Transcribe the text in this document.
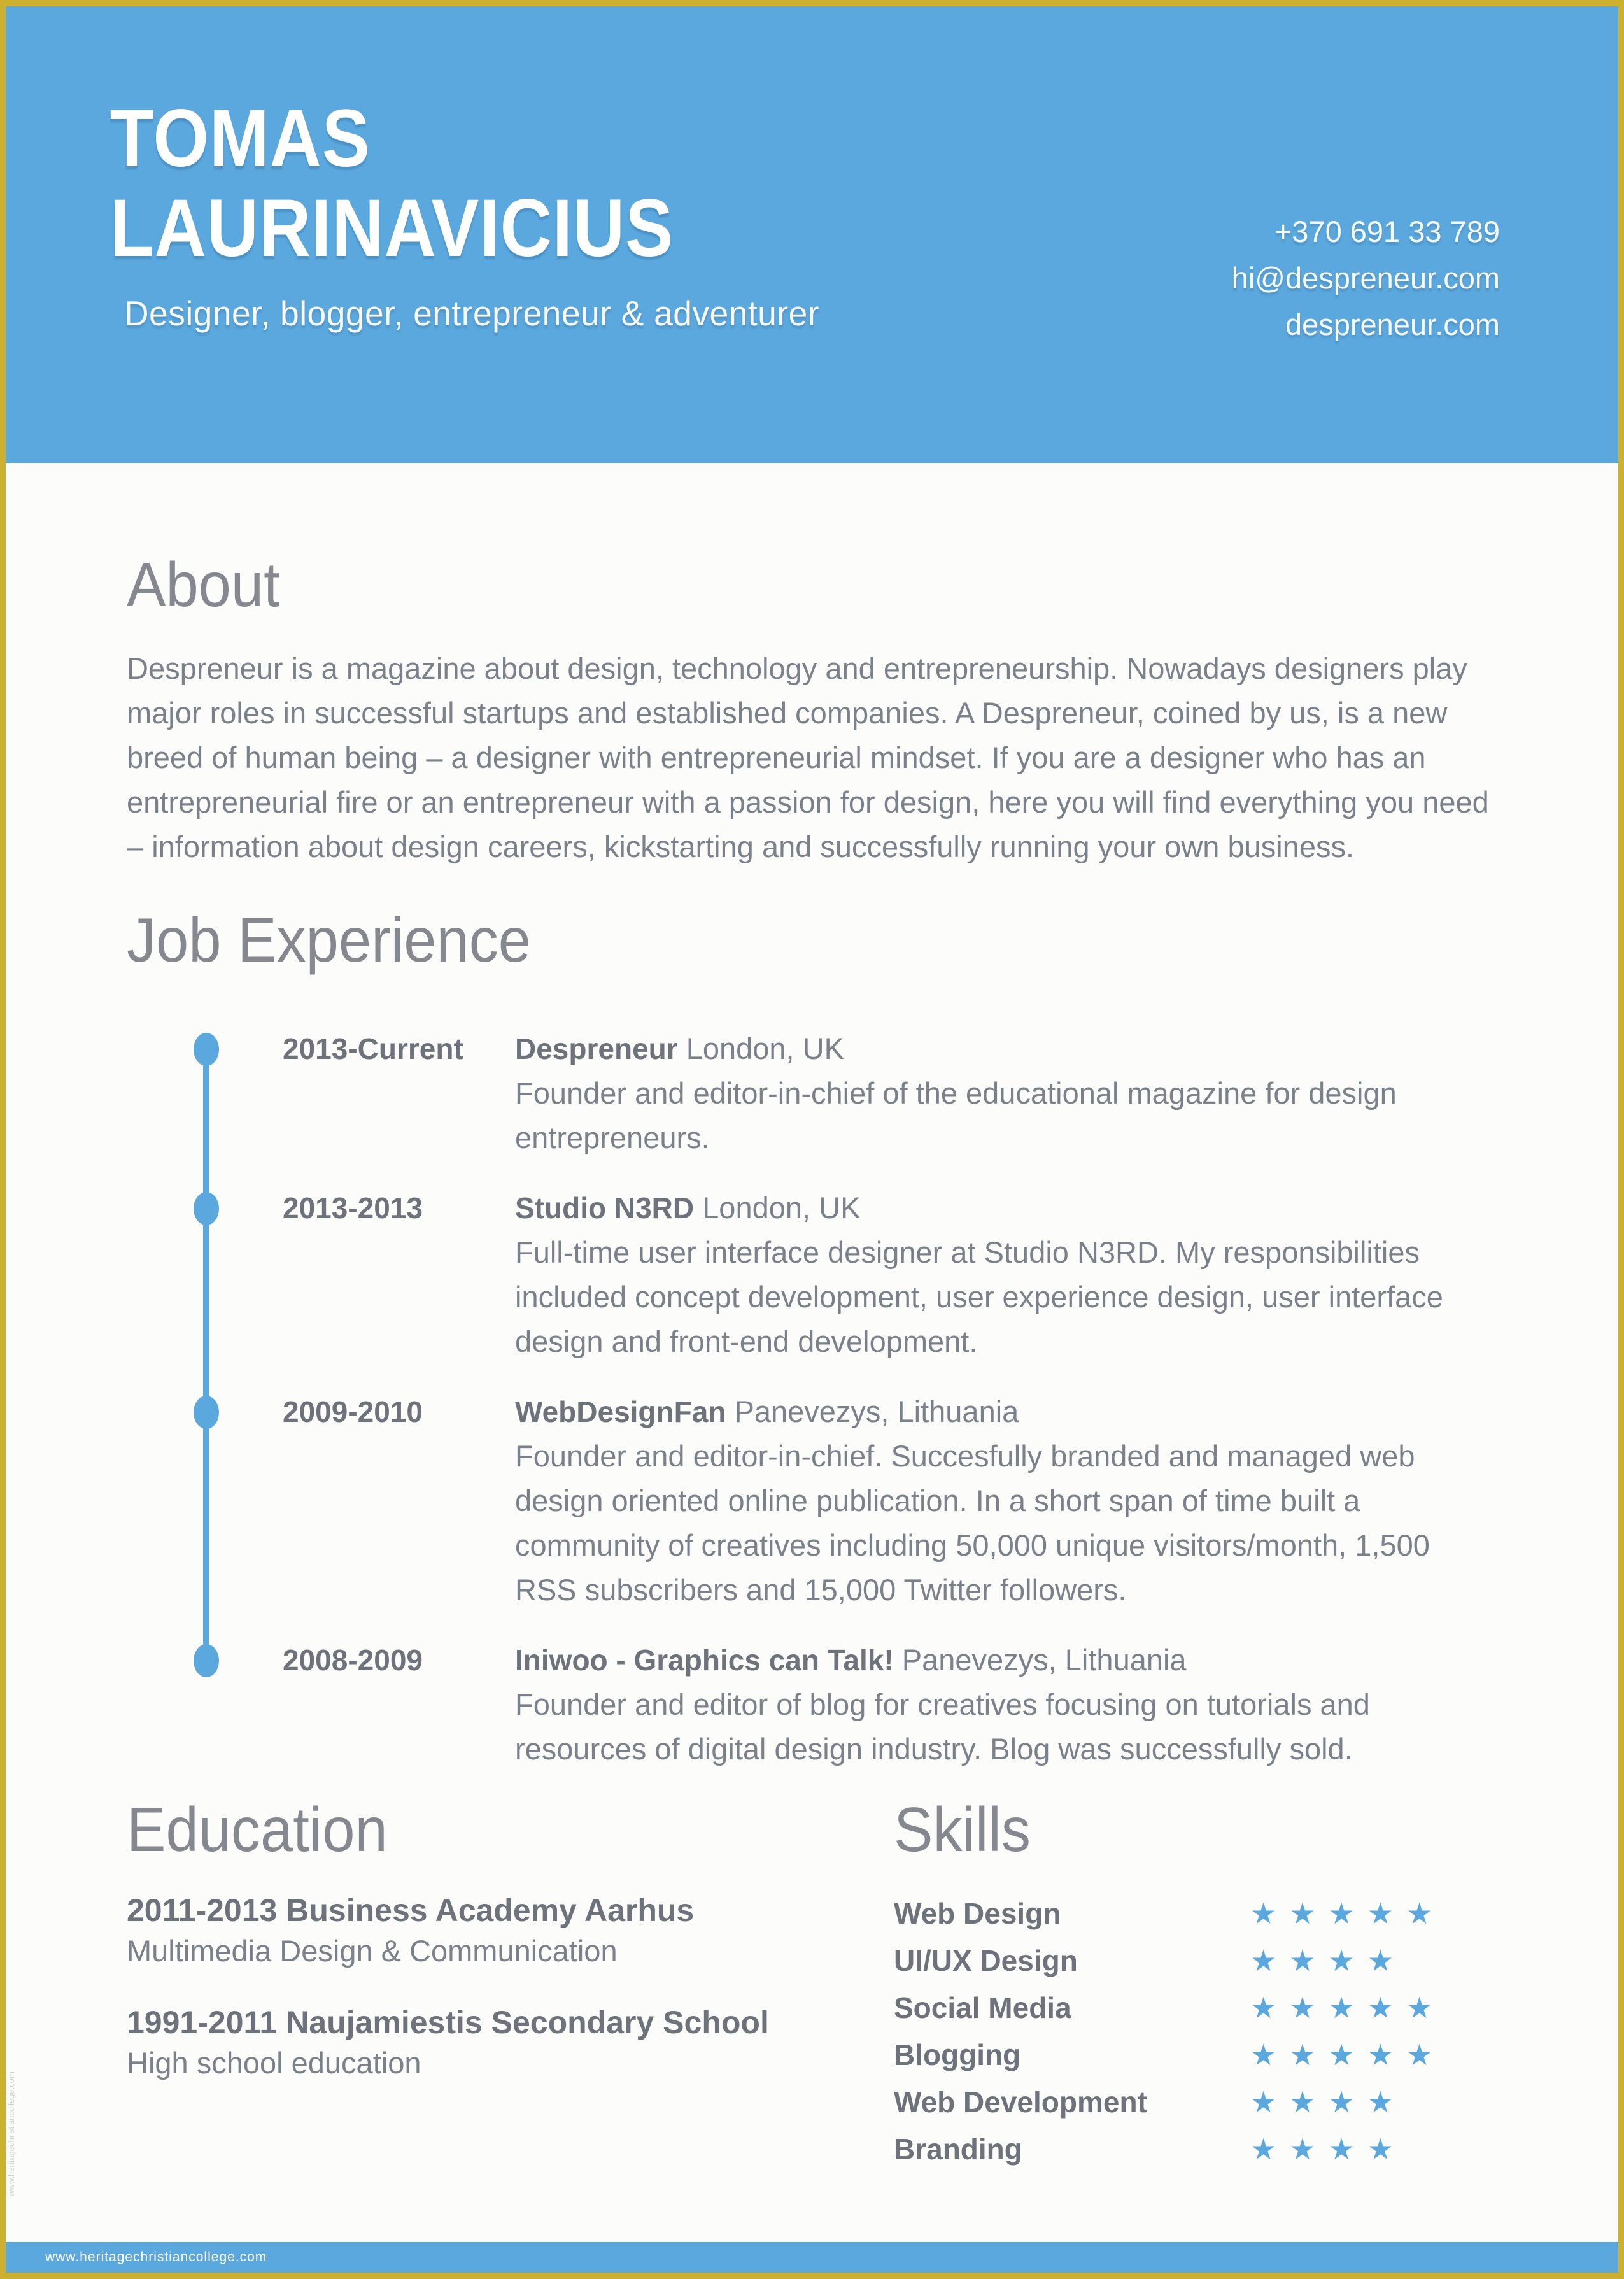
TOMAS
LAURINAVICIUS
Designer, blogger, entrepreneur & adventurer
+370 691 33 789
hi@despreneur.com
despreneur.com
About

Despreneur is a magazine about design, technology and entrepreneurship. Nowadays designers play major roles in successful startups and established companies. A Despreneur, coined by us, is a new breed of human being – a designer with entrepreneurial mindset. If you are a designer who has an entrepreneurial fire or an entrepreneur with a passion for design, here you will find everything you need – information about design careers, kickstarting and successfully running your own business.

Job Experience
2013-Current	Despreneur London, UK
Founder and editor-in-chief of the educational magazine for design entrepreneurs.
2013-2013	Studio N3RD London, UK
Full-time user interface designer at Studio N3RD. My responsibilities included concept development, user experience design, user interface design and front-end development.
2009-2010	WebDesignFan Panevezys, Lithuania
Founder and editor-in-chief. Succesfully branded and managed web design oriented online publication. In a short span of time built a community of creatives including 50,000 unique visitors/month, 1,500 RSS subscribers and 15,000 Twitter followers.
2008-2009	Iniwoo - Graphics can Talk! Panevezys, Lithuania
Founder and editor of blog for creatives focusing on tutorials and resources of digital design industry. Blog was successfully sold.
Education
2011-2013 Business Academy Aarhus
Multimedia Design & Communication
1991-2011 Naujamiestis Secondary School
High school education
Skills
Web Design	★★★★★
UI/UX Design	★★★★
Social Media	★★★★★
Blogging	★★★★★
Web Development	★★★★
Branding	★★★★
www.heritagechristiancollege.com
www.heritagechristiancollege.com
